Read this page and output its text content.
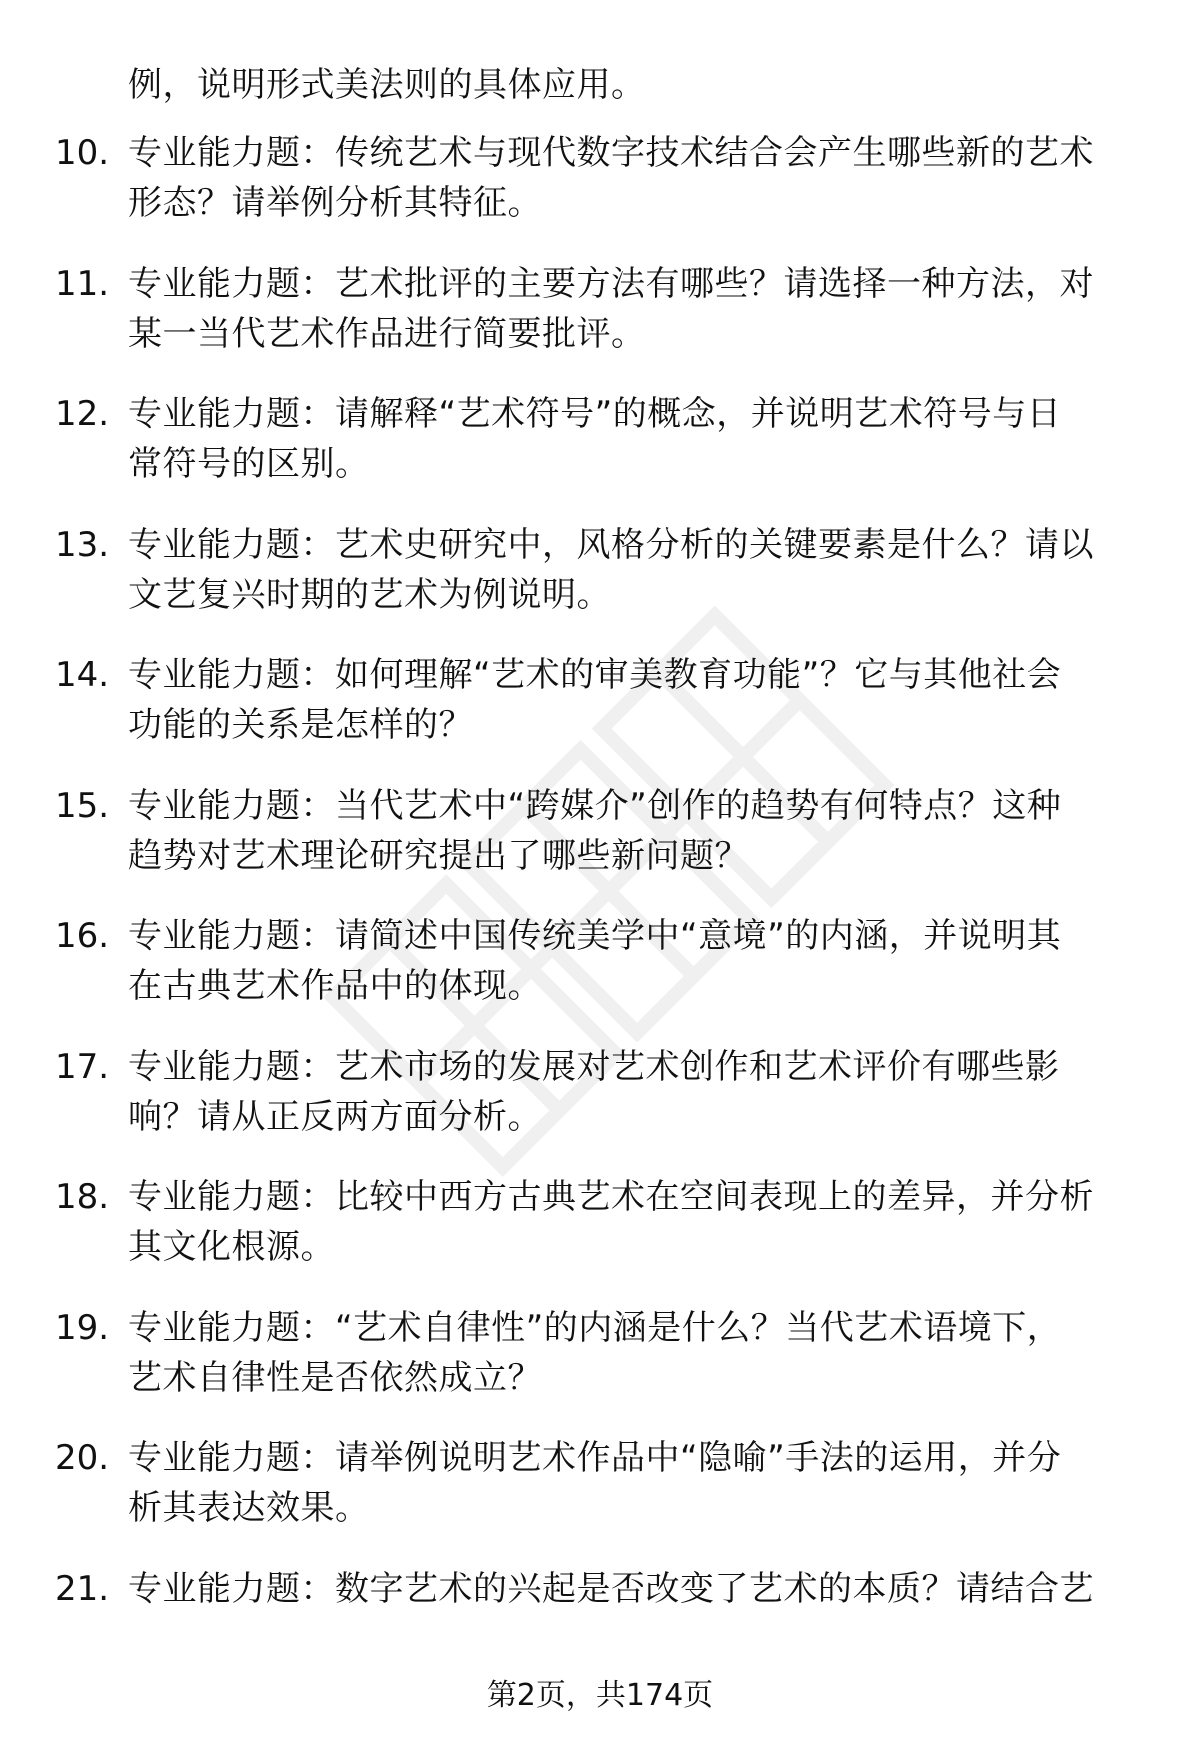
例，说明形式美法则的具体应用。
10. 专业能力题：传统艺术与现代数字技术结合会产生哪些新的艺术
形态？请举例分析其特征。
11. 专业能力题：艺术批评的主要方法有哪些？请选择一种方法，对
某一当代艺术作品进行简要批评。
12. 专业能力题：请解释“艺术符号”的概念，并说明艺术符号与日
常符号的区别。
13. 专业能力题：艺术史研究中，风格分析的关键要素是什么？请以
文艺复兴时期的艺术为例说明。
14. 专业能力题：如何理解“艺术的审美教育功能”？它与其他社会
功能的关系是怎样的？
15. 专业能力题：当代艺术中“跨媒介”创作的趋势有何特点？这种
趋势对艺术理论研究提出了哪些新问题？
16. 专业能力题：请简述中国传统美学中“意境”的内涵，并说明其
在古典艺术作品中的体现。
17. 专业能力题：艺术市场的发展对艺术创作和艺术评价有哪些影
响？请从正反两方面分析。
18. 专业能力题：比较中西方古典艺术在空间表现上的差异，并分析
其文化根源。
19. 专业能力题：“艺术自律性”的内涵是什么？当代艺术语境下，
艺术自律性是否依然成立？
20. 专业能力题：请举例说明艺术作品中“隐喻”手法的运用，并分
析其表达效果。
21. 专业能力题：数字艺术的兴起是否改变了艺术的本质？请结合艺
第2页，共174页
